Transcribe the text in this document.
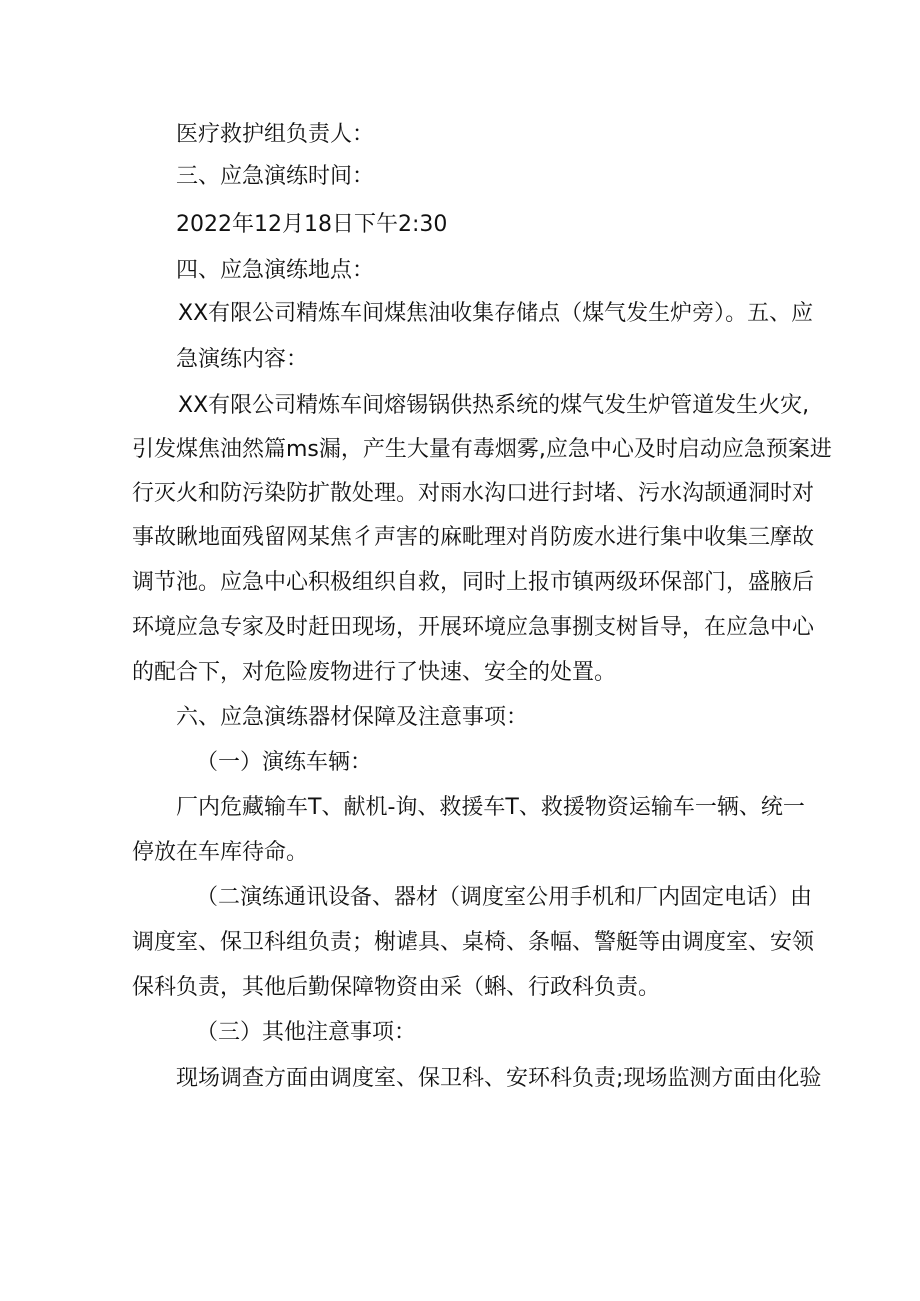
医疗救护组负责人：
三、应急演练时间：
2022年12月18日下午2:30
四、应急演练地点：
XX有限公司精炼车间煤焦油收集存储点（煤气发生炉旁）。五、应
急演练内容：
XX有限公司精炼车间熔锡锅供热系统的煤气发生炉管道发生火灾,
引发煤焦油然篇ms漏，产生大量有毒烟雾,应急中心及时启动应急预案进
行灭火和防污染防扩散处理。对雨水沟口进行封堵、污水沟颉通洞时对
事故瞅地面残留网某焦彳声害的麻毗理对肖防废水进行集中收集三摩故
调节池。应急中心积极组织自救，同时上报市镇两级环保部门，盛腋后
环境应急专家及时赶田现场，开展环境应急事捌支树旨导，在应急中心
的配合下，对危险废物进行了快速、安全的处置。
六、应急演练器材保障及注意事项：
（一）演练车辆：
厂内危藏输车T、献机-询、救援车T、救援物资运输车一辆、统一
停放在车库待命。
（二演练通讯设备、器材（调度室公用手机和厂内固定电话）由
调度室、保卫科组负责；榭谑具、桌椅、条幅、警艇等由调度室、安领
保科负责，其他后勤保障物资由采（蝌、行政科负责。
（三）其他注意事项：
现场调查方面由调度室、保卫科、安环科负责;现场监测方面由化验
